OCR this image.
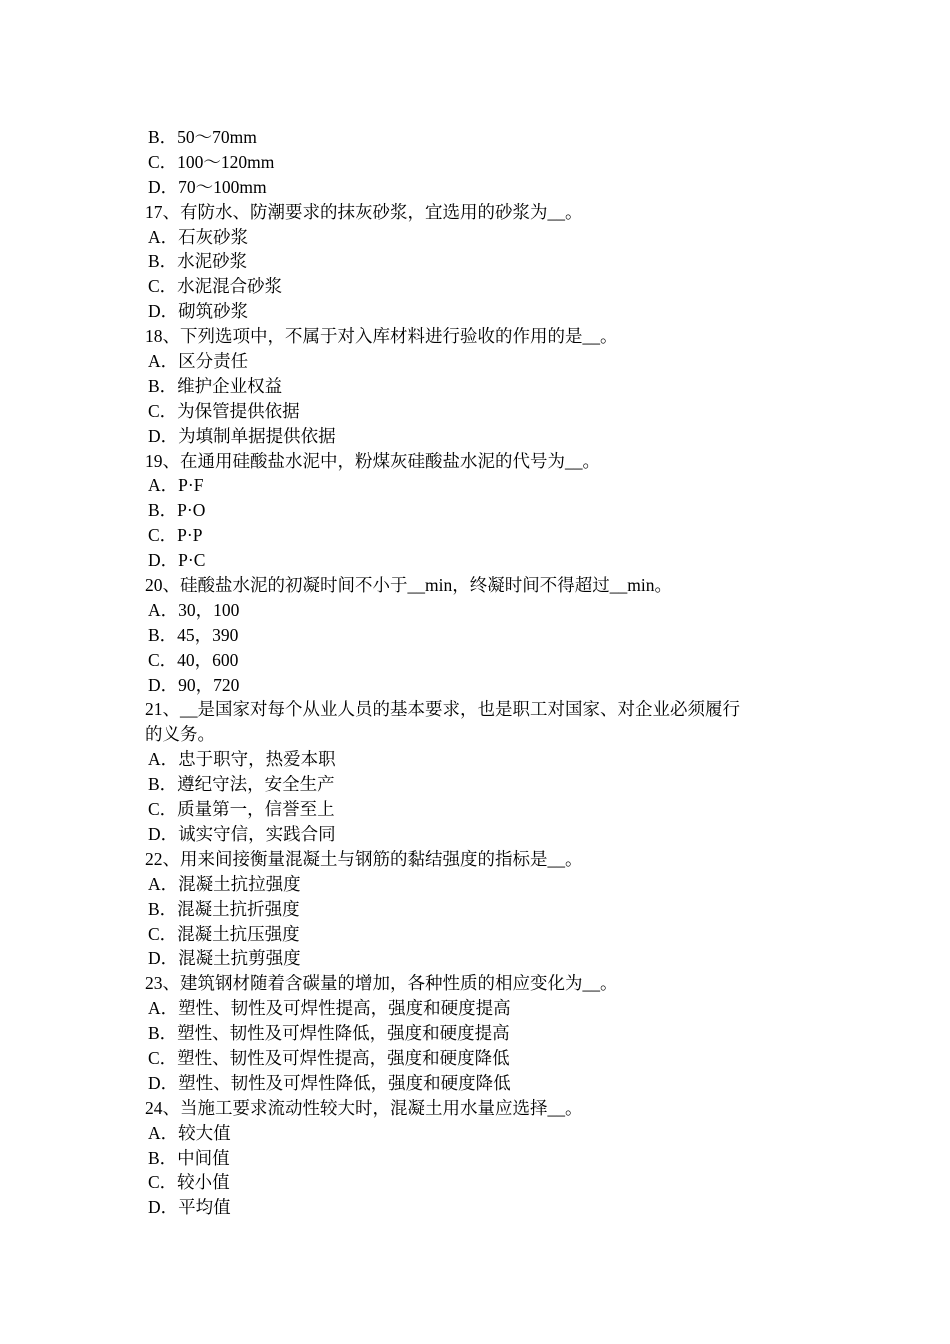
B．50～70mm
C．100～120mm
D．70～100mm
17、有防水、防潮要求的抹灰砂浆，宜选用的砂浆为__。
A．石灰砂浆
B．水泥砂浆
C．水泥混合砂浆
D．砌筑砂浆
18、下列选项中，不属于对入库材料进行验收的作用的是__。
A．区分责任
B．维护企业权益
C．为保管提供依据
D．为填制单据提供依据
19、在通用硅酸盐水泥中，粉煤灰硅酸盐水泥的代号为__。
A．P·F
B．P·O
C．P·P
D．P·C
20、硅酸盐水泥的初凝时间不小于__min，终凝时间不得超过__min。
A．30，100
B．45，390
C．40，600
D．90，720
21、__是国家对每个从业人员的基本要求，也是职工对国家、对企业必须履行
的义务。
A．忠于职守，热爱本职
B．遵纪守法，安全生产
C．质量第一，信誉至上
D．诚实守信，实践合同
22、用来间接衡量混凝土与钢筋的黏结强度的指标是__。
A．混凝土抗拉强度
B．混凝土抗折强度
C．混凝土抗压强度
D．混凝土抗剪强度
23、建筑钢材随着含碳量的增加，各种性质的相应变化为__。
A．塑性、韧性及可焊性提高，强度和硬度提高
B．塑性、韧性及可焊性降低，强度和硬度提高
C．塑性、韧性及可焊性提高，强度和硬度降低
D．塑性、韧性及可焊性降低，强度和硬度降低
24、当施工要求流动性较大时，混凝土用水量应选择__。
A．较大值
B．中间值
C．较小值
D．平均值
